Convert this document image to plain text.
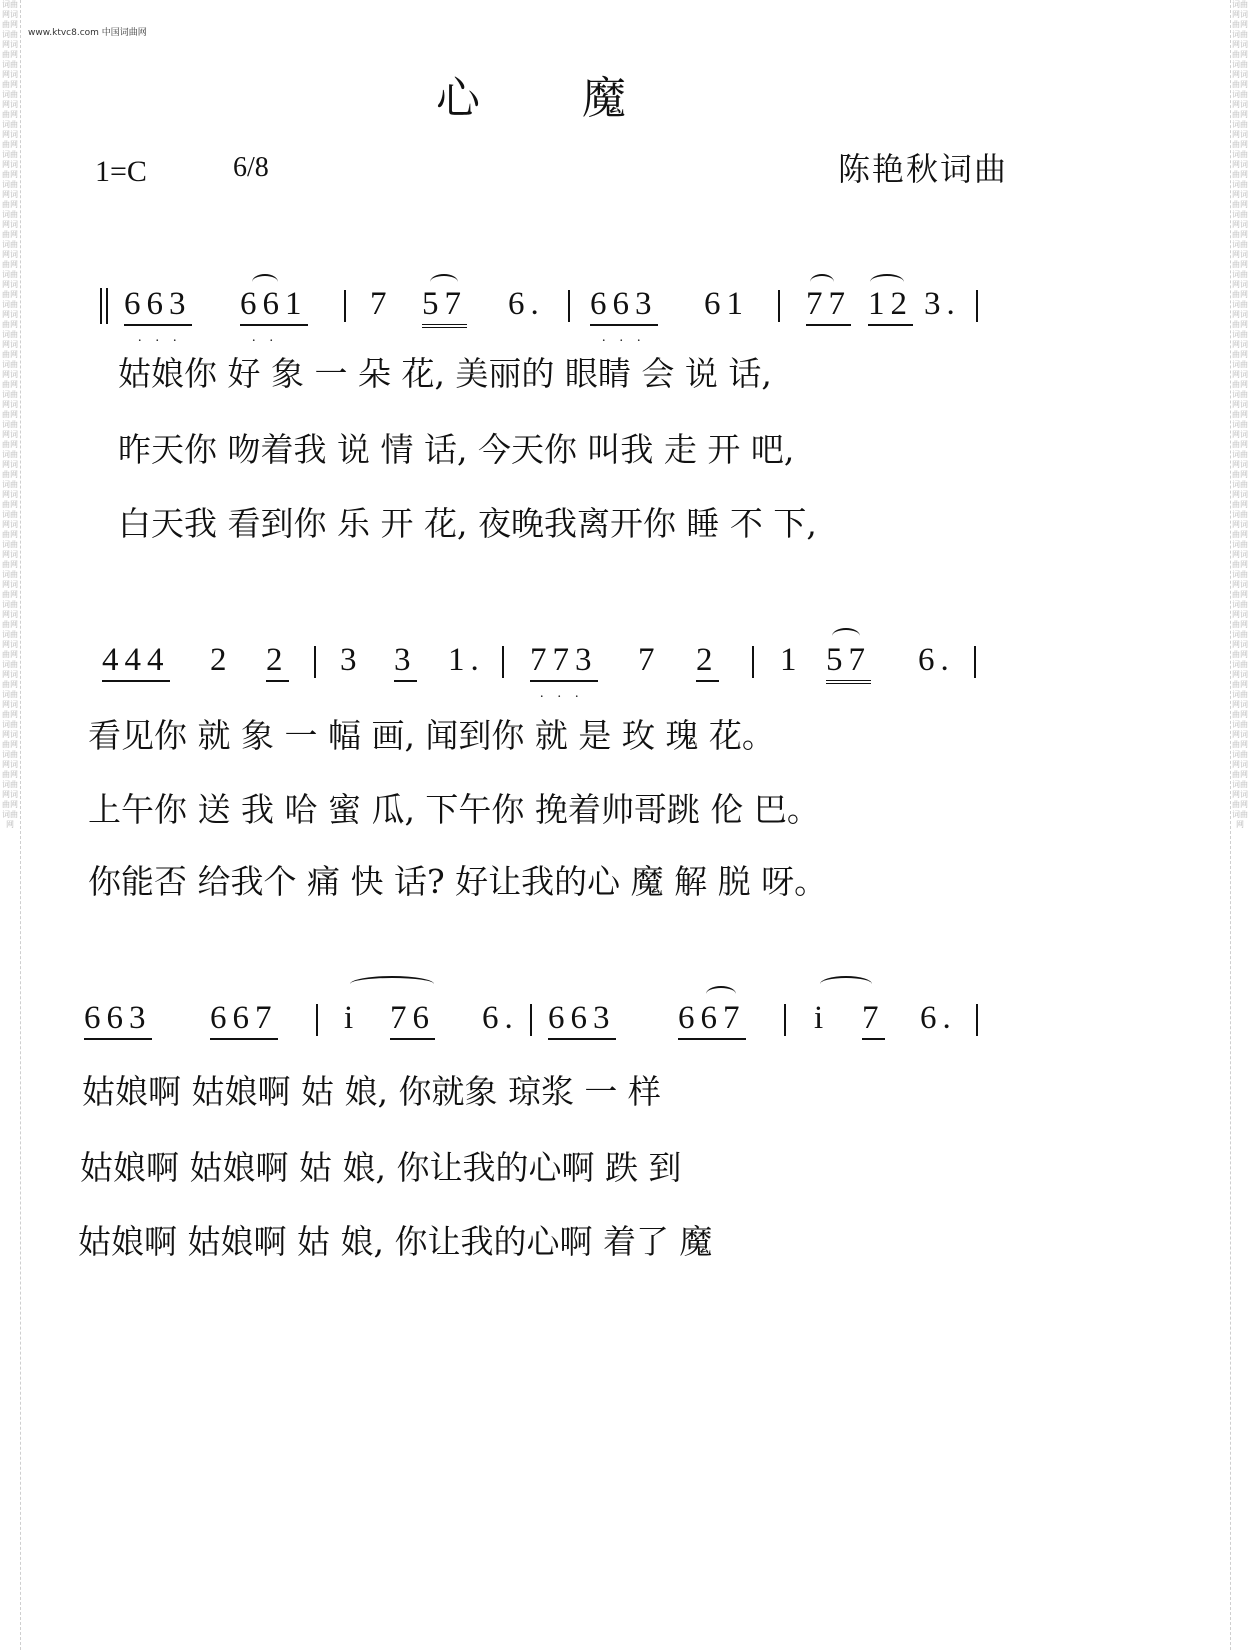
词曲网词曲网词曲网词曲网词曲网词曲网词曲网词曲网词曲网词曲网词曲网词曲网词曲网词曲网词曲网词曲网词曲网词曲网词曲网词曲网词曲网词曲网词曲网词曲网词曲网词曲网词曲网词曲网词曲网词曲网词曲网词曲网词曲网词曲网词曲网词曲网词曲网词曲网词曲网词曲网词曲网词曲网词曲网词曲网词曲网词曲网词曲网词曲网词曲网词曲网词曲网词曲网词曲网词曲网词曲网
词曲网词曲网词曲网词曲网词曲网词曲网词曲网词曲网词曲网词曲网词曲网词曲网词曲网词曲网词曲网词曲网词曲网词曲网词曲网词曲网词曲网词曲网词曲网词曲网词曲网词曲网词曲网词曲网词曲网词曲网词曲网词曲网词曲网词曲网词曲网词曲网词曲网词曲网词曲网词曲网词曲网词曲网词曲网词曲网词曲网词曲网词曲网词曲网词曲网词曲网词曲网词曲网词曲网词曲网词曲网
www.ktvc8.com 中国词曲网
心 魔
1=C	6/8	陈艳秋词曲
663
...
661
..
7 57 6. 663
...
61 77 12 3.
姑娘你 好 象 一 朵 花, 美丽的 眼睛 会 说 话,
昨天你 吻着我 说 情 话, 今天你 叫我 走 开 吧,
白天我 看到你 乐 开 花, 夜晚我离开你 睡 不 下,
444 2 2 3 3 1. 773
...
7 2 1 57 6.
看见你 就 象 一 幅 画, 闻到你 就 是 玫 瑰 花。
上午你 送 我 哈 蜜 瓜, 下午你 挽着帅哥跳 伦 巴。
你能否 给我个 痛 快 话? 好让我的心 魔 解 脱 呀。
663 667 i 76 6. 663 667 i 7 6.
姑娘啊 姑娘啊 姑 娘, 你就象 琼浆 一 样
姑娘啊 姑娘啊 姑 娘, 你让我的心啊 跌 到
姑娘啊 姑娘啊 姑 娘, 你让我的心啊 着了 魔
